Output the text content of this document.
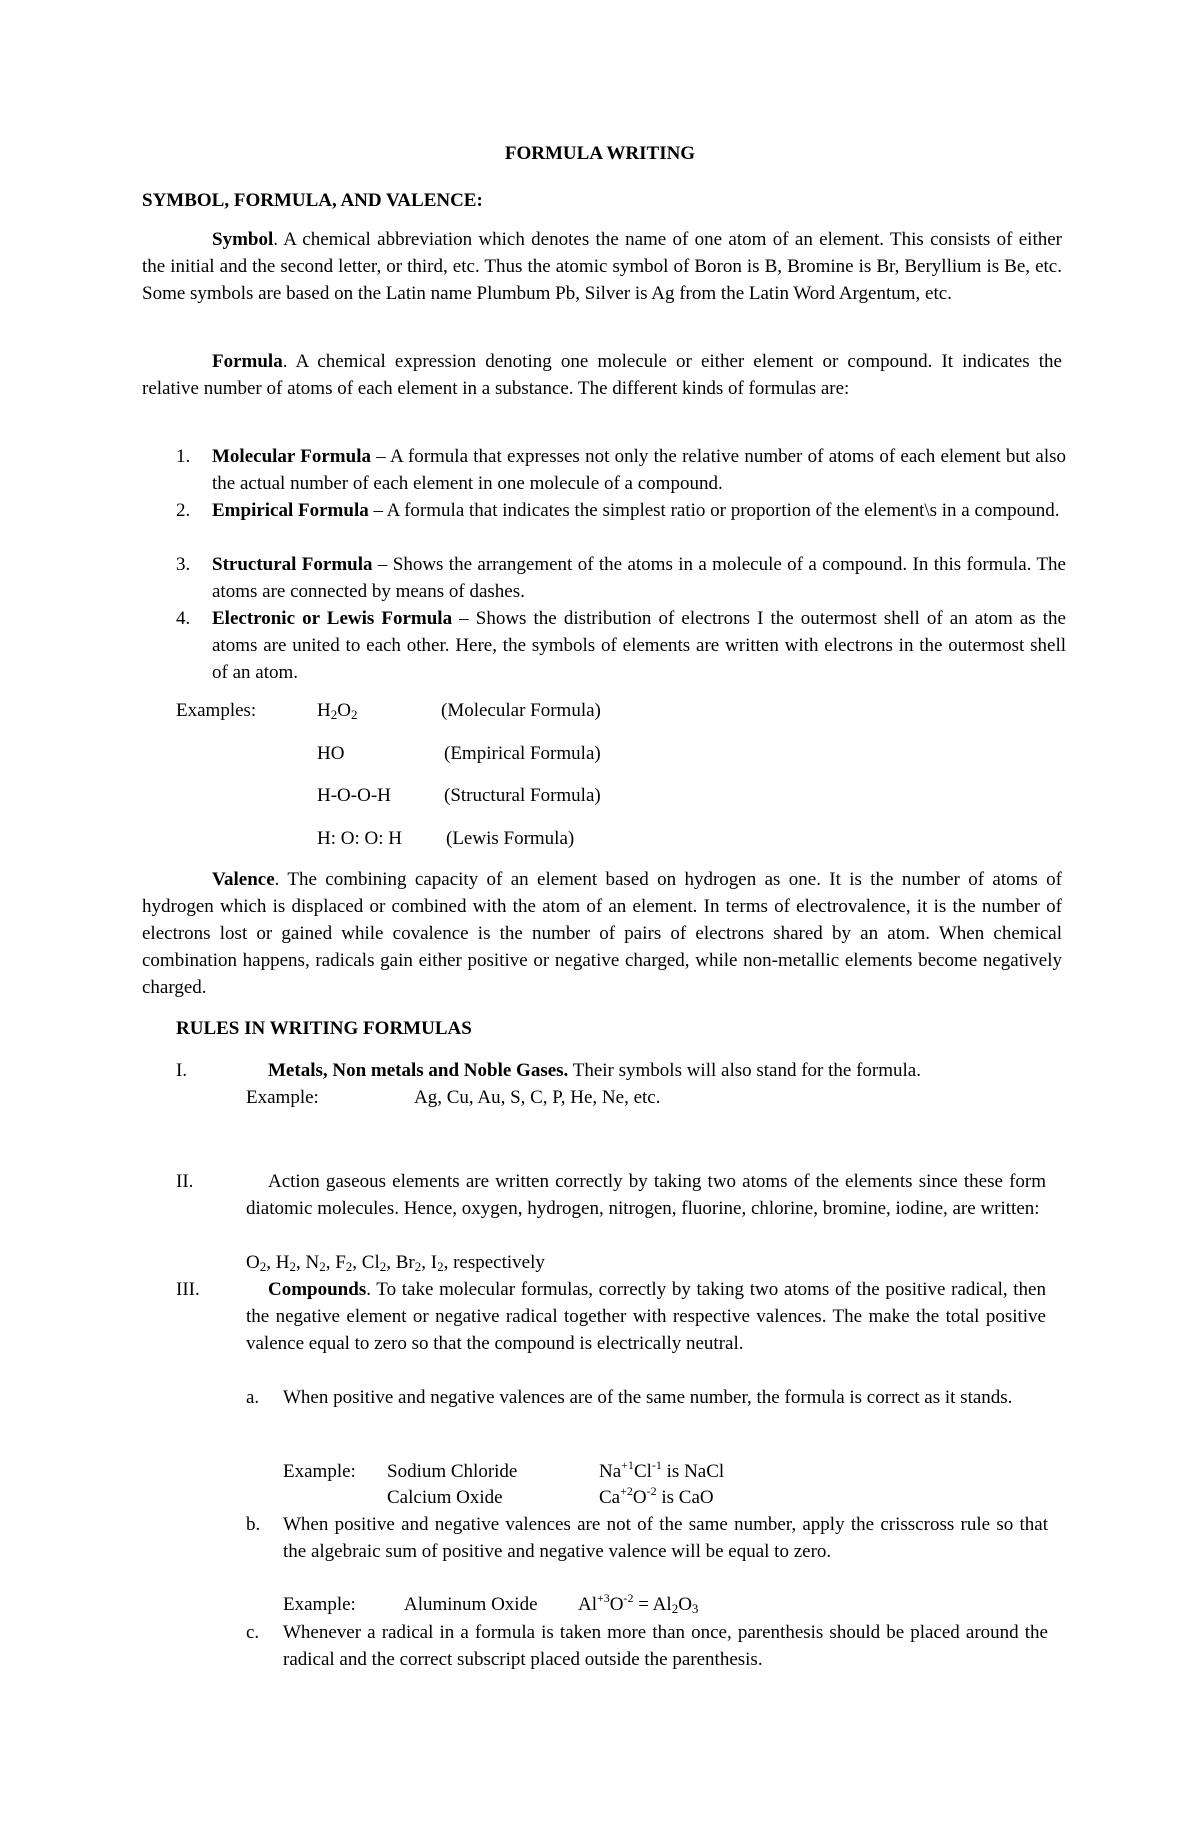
FORMULA WRITING
SYMBOL, FORMULA, AND VALENCE:
Symbol. A chemical abbreviation which denotes the name of one atom of an element. This consists of either the initial and the second letter, or third, etc. Thus the atomic symbol of Boron is B, Bromine is Br, Beryllium is Be, etc. Some symbols are based on the Latin name Plumbum Pb, Silver is Ag from the Latin Word Argentum, etc.
Formula. A chemical expression denoting one molecule or either element or compound. It indicates the relative number of atoms of each element in a substance. The different kinds of formulas are:
1. Molecular Formula – A formula that expresses not only the relative number of atoms of each element but also the actual number of each element in one molecule of a compound.
2. Empirical Formula – A formula that indicates the simplest ratio or proportion of the element\s in a compound.
3. Structural Formula – Shows the arrangement of the atoms in a molecule of a compound. In this formula. The atoms are connected by means of dashes.
4. Electronic or Lewis Formula – Shows the distribution of electrons I the outermost shell of an atom as the atoms are united to each other. Here, the symbols of elements are written with electrons in the outermost shell of an atom.
Examples:	$H_2O_2$	(Molecular Formula)
HO	(Empirical Formula)
H-O-O-H	(Structural Formula)
H: O: O: H (Lewis Formula)
Valence. The combining capacity of an element based on hydrogen as one. It is the number of atoms of hydrogen which is displaced or combined with the atom of an element. In terms of electrovalence, it is the number of electrons lost or gained while covalence is the number of pairs of electrons shared by an atom. When chemical combination happens, radicals gain either positive or negative charged, while non-metallic elements become negatively charged.
RULES IN WRITING FORMULAS
I.	Metals, Non metals and Noble Gases. Their symbols will also stand for the formula.
Example:	Ag, Cu, Au, S, C, P, He, Ne, etc.
II.	Action gaseous elements are written correctly by taking two atoms of the elements since these form diatomic molecules. Hence, oxygen, hydrogen, nitrogen, fluorine, chlorine, bromine, iodine, are written:
$O_2$, $H_2$, $N_2$, $F_2$, $Cl_2$, $Br_2$, $I_2$, respectively
III.	Compounds. To take molecular formulas, correctly by taking two atoms of the positive radical, then the negative element or negative radical together with respective valences. The make the total positive valence equal to zero so that the compound is electrically neutral.
a. When positive and negative valences are of the same number, the formula is correct as it stands.
Example: Sodium Chloride	$Na^{+1}Cl^{-1}$ is NaCl
Calcium Oxide	$Ca^{+2}O^{-2}$ is CaO
b. When positive and negative valences are not of the same number, apply the crisscross rule so that the algebraic sum of positive and negative valence will be equal to zero.
Example:	Aluminum Oxide $Al^{+3}O^{-2} = Al_2O_3$
c. Whenever a radical in a formula is taken more than once, parenthesis should be placed around the radical and the correct subscript placed outside the parenthesis.
